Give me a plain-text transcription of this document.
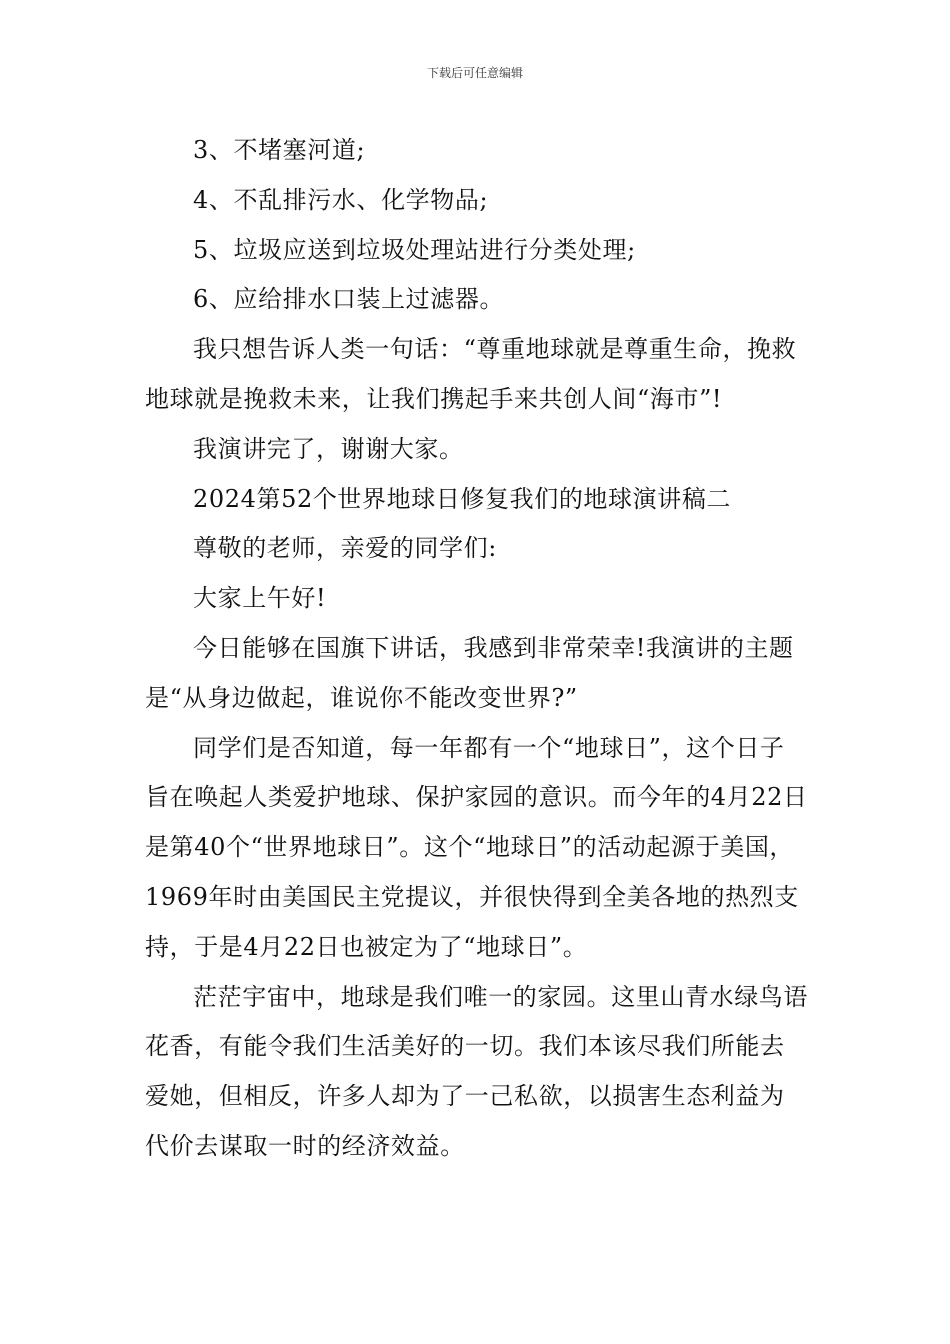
下载后可任意编辑

3、不堵塞河道;

4、不乱排污水、化学物品;

5、垃圾应送到垃圾处理站进行分类处理;

6、应给排水口装上过滤器。

我只想告诉人类一句话：“尊重地球就是尊重生命，挽救地球就是挽救未来，让我们携起手来共创人间“海市”!

我演讲完了，谢谢大家。

2024第52个世界地球日修复我们的地球演讲稿二

尊敬的老师，亲爱的同学们:

大家上午好!

今日能够在国旗下讲话，我感到非常荣幸!我演讲的主题是“从身边做起，谁说你不能改变世界?”

同学们是否知道，每一年都有一个“地球日”，这个日子旨在唤起人类爱护地球、保护家园的意识。而今年的4月22日是第40个“世界地球日”。这个“地球日”的活动起源于美国，1969年时由美国民主党提议，并很快得到全美各地的热烈支持，于是4月22日也被定为了“地球日”。

茫茫宇宙中，地球是我们唯一的家园。这里山青水绿鸟语花香，有能令我们生活美好的一切。我们本该尽我们所能去爱她，但相反，许多人却为了一己私欲，以损害生态利益为代价去谋取一时的经济效益。
